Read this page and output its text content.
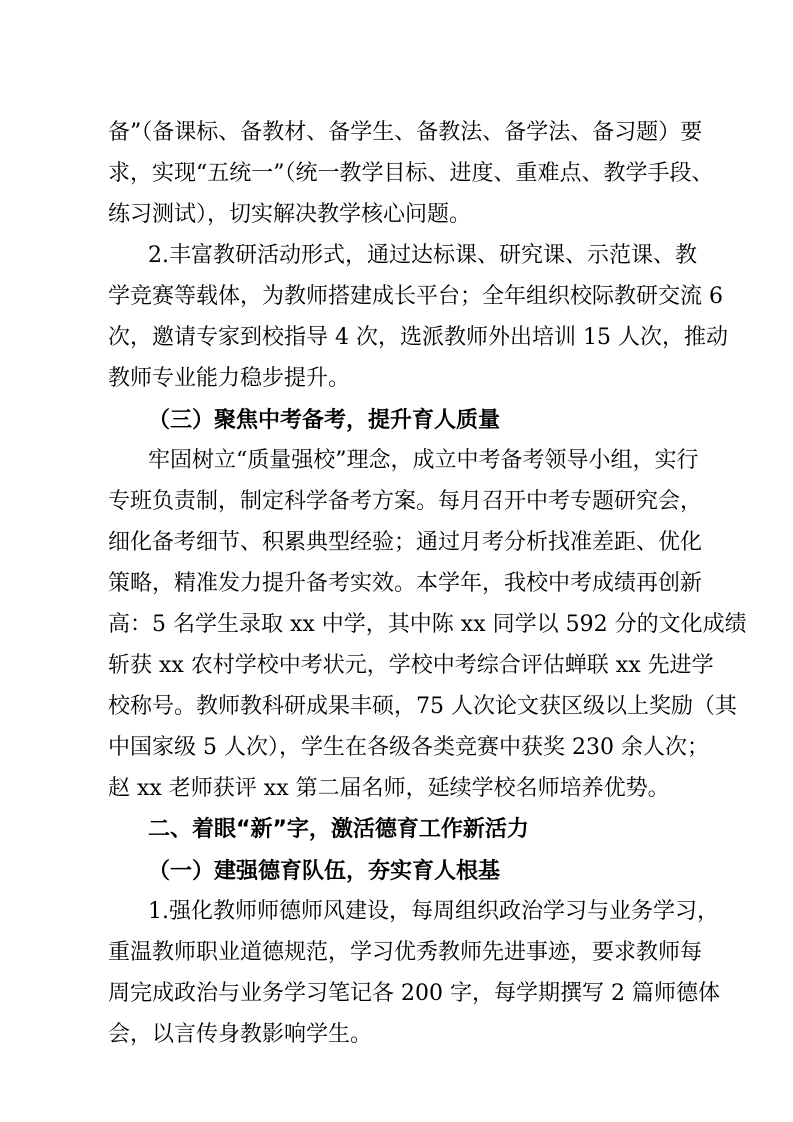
备”（备课标、备教材、备学生、备教法、备学法、备习题）要
求，实现“五统一”（统一教学目标、进度、重难点、教学手段、
练习测试），切实解决教学核心问题。
2.丰富教研活动形式，通过达标课、研究课、示范课、教
学竞赛等载体，为教师搭建成长平台；全年组织校际教研交流 6
次，邀请专家到校指导 4 次，选派教师外出培训 15 人次，推动
教师专业能力稳步提升。
（三）聚焦中考备考，提升育人质量
牢固树立“质量强校”理念，成立中考备考领导小组，实行
专班负责制，制定科学备考方案。每月召开中考专题研究会，
细化备考细节、积累典型经验；通过月考分析找准差距、优化
策略，精准发力提升备考实效。本学年，我校中考成绩再创新
高：5 名学生录取 xx 中学，其中陈 xx 同学以 592 分的文化成绩
斩获 xx 农村学校中考状元，学校中考综合评估蝉联 xx 先进学
校称号。教师教科研成果丰硕，75 人次论文获区级以上奖励（其
中国家级 5 人次），学生在各级各类竞赛中获奖 230 余人次；
赵 xx 老师获评 xx 第二届名师，延续学校名师培养优势。
二、着眼“新”字，激活德育工作新活力
（一）建强德育队伍，夯实育人根基
1.强化教师师德师风建设，每周组织政治学习与业务学习，
重温教师职业道德规范，学习优秀教师先进事迹，要求教师每
周完成政治与业务学习笔记各 200 字，每学期撰写 2 篇师德体
会，以言传身教影响学生。
